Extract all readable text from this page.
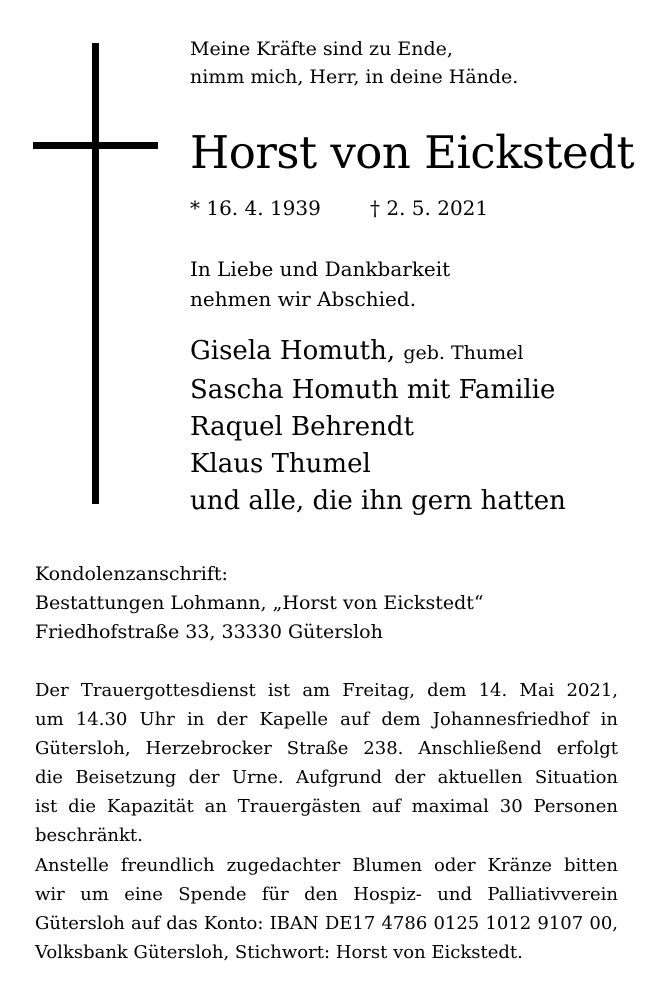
Meine Kräfte sind zu Ende,
nimm mich, Herr, in deine Hände.
Horst von Eickstedt
* 16. 4. 1939 † 2. 5. 2021
In Liebe und Dankbarkeit
nehmen wir Abschied.
Gisela Homuth, geb. Thumel
Sascha Homuth mit Familie
Raquel Behrendt
Klaus Thumel
und alle, die ihn gern hatten
Kondolenzanschrift:
Bestattungen Lohmann, „Horst von Eickstedt“
Friedhofstraße 33, 33330 Gütersloh
Der Trauergottesdienst ist am Freitag, dem 14. Mai 2021,
um 14.30 Uhr in der Kapelle auf dem Johannesfriedhof in
Gütersloh, Herzebrocker Straße 238. Anschließend erfolgt
die Beisetzung der Urne. Aufgrund der aktuellen Situation
ist die Kapazität an Trauergästen auf maximal 30 Personen
beschränkt.
Anstelle freundlich zugedachter Blumen oder Kränze bitten
wir um eine Spende für den Hospiz- und Palliativverein
Gütersloh auf das Konto: IBAN DE17 4786 0125 1012 9107 00,
Volksbank Gütersloh, Stichwort: Horst von Eickstedt.
